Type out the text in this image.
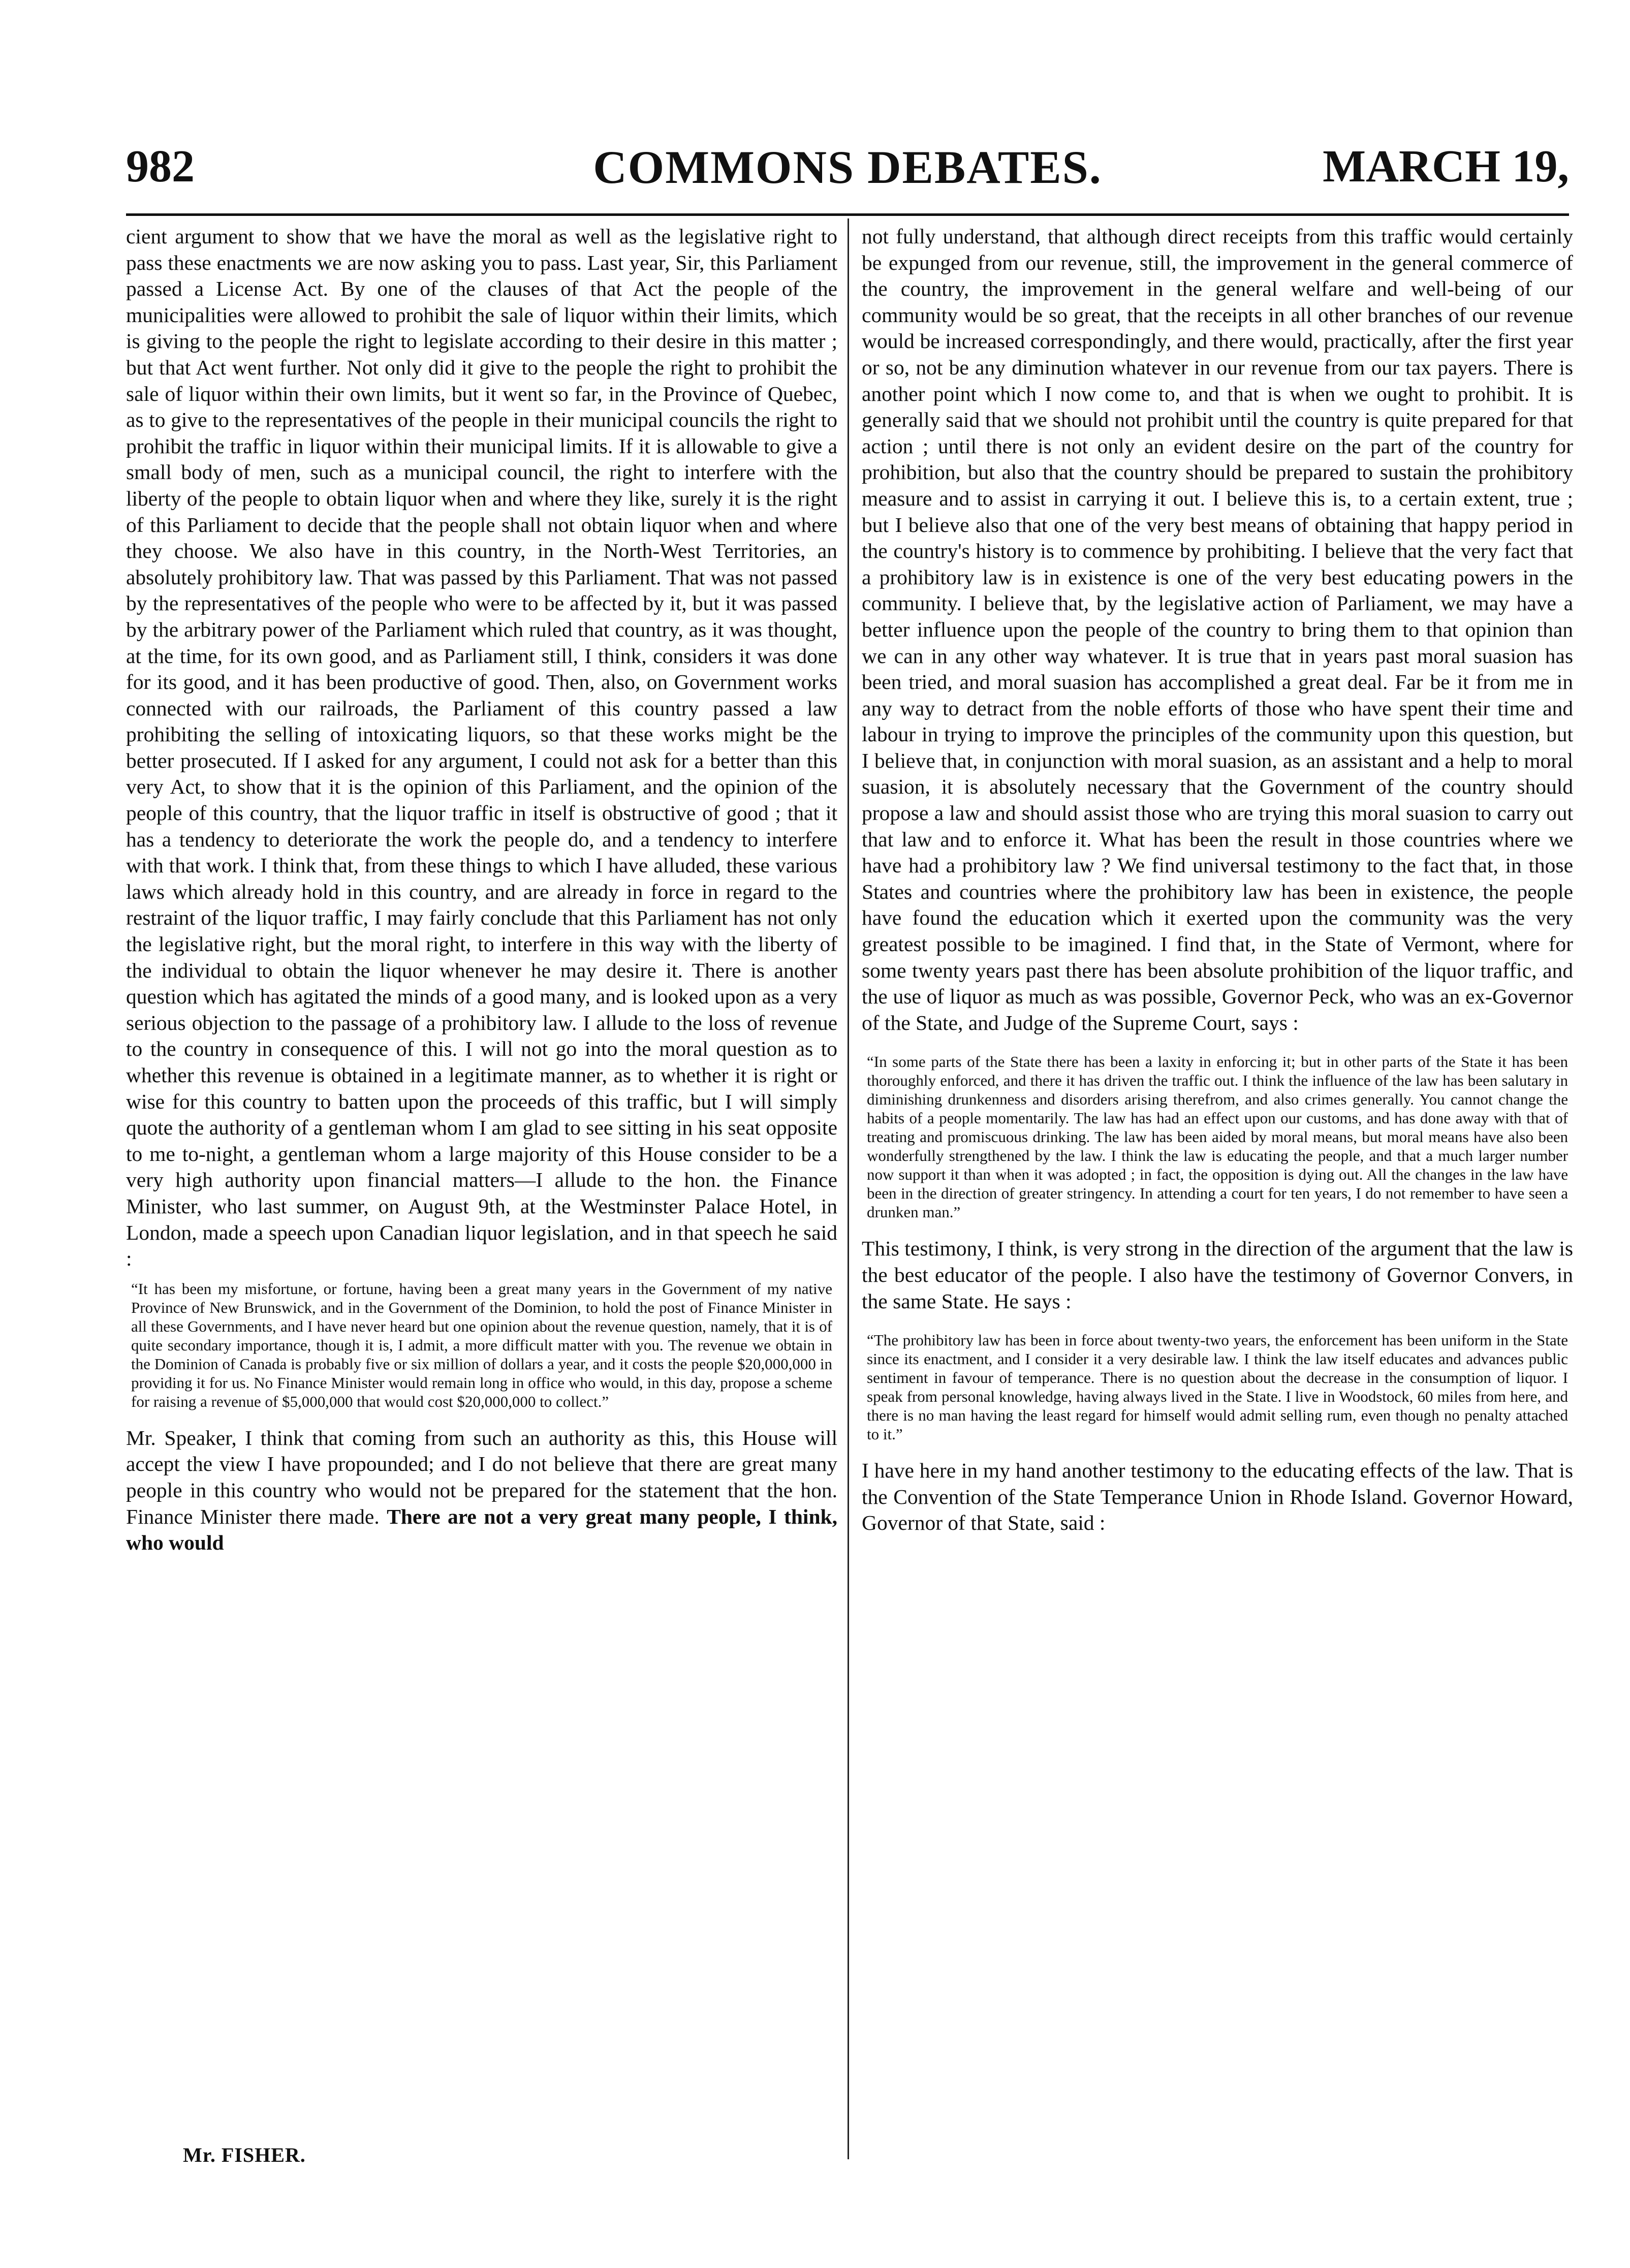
982	COMMONS DEBATES.	MARCH 19,

cient argument to show that we have the moral as well as the legislative right to pass these enactments we are now asking you to pass. Last year, Sir, this Parliament passed a License Act. By one of the clauses of that Act the people of the municipalities were allowed to prohibit the sale of liquor within their limits, which is giving to the people the right to legislate according to their desire in this matter ; but that Act went further. Not only did it give to the people the right to prohibit the sale of liquor within their own limits, but it went so far, in the Province of Quebec, as to give to the representatives of the people in their municipal councils the right to prohibit the traffic in liquor within their municipal limits. If it is allowable to give a small body of men, such as a municipal council, the right to interfere with the liberty of the people to obtain liquor when and where they like, surely it is the right of this Parliament to decide that the people shall not obtain liquor when and where they choose. We also have in this country, in the North-West Territories, an absolutely prohibitory law. That was passed by this Parliament. That was not passed by the representatives of the people who were to be affected by it, but it was passed by the arbitrary power of the Parliament which ruled that country, as it was thought, at the time, for its own good, and as Parliament still, I think, considers it was done for its good, and it has been productive of good. Then, also, on Government works connected with our railroads, the Parliament of this country passed a law prohibiting the selling of intoxicating liquors, so that these works might be the better prosecuted. If I asked for any argument, I could not ask for a better than this very Act, to show that it is the opinion of this Parliament, and the opinion of the people of this country, that the liquor traffic in itself is obstructive of good ; that it has a tendency to deteriorate the work the people do, and a tendency to interfere with that work. I think that, from these things to which I have alluded, these various laws which already hold in this country, and are already in force in regard to the restraint of the liquor traffic, I may fairly conclude that this Parliament has not only the legislative right, but the moral right, to interfere in this way with the liberty of the individual to obtain the liquor whenever he may desire it. There is another question which has agitated the minds of a good many, and is looked upon as a very serious objection to the passage of a prohibitory law. I allude to the loss of revenue to the country in consequence of this. I will not go into the moral question as to whether this revenue is obtained in a legitimate manner, as to whether it is right or wise for this country to batten upon the proceeds of this traffic, but I will simply quote the authority of a gentleman whom I am glad to see sitting in his seat opposite to me to-night, a gentleman whom a large majority of this House consider to be a very high authority upon financial matters—I allude to the hon. the Finance Minister, who last summer, on August 9th, at the Westminster Palace Hotel, in London, made a speech upon Canadian liquor legislation, and in that speech he said :

“It has been my misfortune, or fortune, having been a great many years in the Government of my native Province of New Brunswick, and in the Government of the Dominion, to hold the post of Finance Minister in all these Governments, and I have never heard but one opinion about the revenue question, namely, that it is of quite secondary importance, though it is, I admit, a more difficult matter with you. The revenue we obtain in the Dominion of Canada is probably five or six million of dollars a year, and it costs the people $20,000,000 in providing it for us. No Finance Minister would remain long in office who would, in this day, propose a scheme for raising a revenue of $5,000,000 that would cost $20,000,000 to collect.”

Mr. Speaker, I think that coming from such an authority as this, this House will accept the view I have propounded; and I do not believe that there are great many people in this country who would not be prepared for the statement that the hon. Finance Minister there made. There are not a very great many people, I think, who would

not fully understand, that although direct receipts from this traffic would certainly be expunged from our revenue, still, the improvement in the general commerce of the country, the improvement in the general welfare and well-being of our community would be so great, that the receipts in all other branches of our revenue would be increased correspondingly, and there would, practically, after the first year or so, not be any diminution whatever in our revenue from our tax payers. There is another point which I now come to, and that is when we ought to prohibit. It is generally said that we should not prohibit until the country is quite prepared for that action ; until there is not only an evident desire on the part of the country for prohibition, but also that the country should be prepared to sustain the prohibitory measure and to assist in carrying it out. I believe this is, to a certain extent, true ; but I believe also that one of the very best means of obtaining that happy period in the country's history is to commence by prohibiting. I believe that the very fact that a prohibitory law is in existence is one of the very best educating powers in the community. I believe that, by the legislative action of Parliament, we may have a better influence upon the people of the country to bring them to that opinion than we can in any other way whatever. It is true that in years past moral suasion has been tried, and moral suasion has accomplished a great deal. Far be it from me in any way to detract from the noble efforts of those who have spent their time and labour in trying to improve the principles of the community upon this question, but I believe that, in conjunction with moral suasion, as an assistant and a help to moral suasion, it is absolutely necessary that the Government of the country should propose a law and should assist those who are trying this moral suasion to carry out that law and to enforce it. What has been the result in those countries where we have had a prohibitory law ? We find universal testimony to the fact that, in those States and countries where the prohibitory law has been in existence, the people have found the education which it exerted upon the community was the very greatest possible to be imagined. I find that, in the State of Vermont, where for some twenty years past there has been absolute prohibition of the liquor traffic, and the use of liquor as much as was possible, Governor Peck, who was an ex-Governor of the State, and Judge of the Supreme Court, says :

“In some parts of the State there has been a laxity in enforcing it; but in other parts of the State it has been thoroughly enforced, and there it has driven the traffic out. I think the influence of the law has been salutary in diminishing drunkenness and disorders arising therefrom, and also crimes generally. You cannot change the habits of a people momentarily. The law has had an effect upon our customs, and has done away with that of treating and promiscuous drinking. The law has been aided by moral means, but moral means have also been wonderfully strengthened by the law. I think the law is educating the people, and that a much larger number now support it than when it was adopted ; in fact, the opposition is dying out. All the changes in the law have been in the direction of greater stringency. In attending a court for ten years, I do not remember to have seen a drunken man.”

This testimony, I think, is very strong in the direction of the argument that the law is the best educator of the people. I also have the testimony of Governor Convers, in the same State. He says :

“The prohibitory law has been in force about twenty-two years, the enforcement has been uniform in the State since its enactment, and I consider it a very desirable law. I think the law itself educates and advances public sentiment in favour of temperance. There is no question about the decrease in the consumption of liquor. I speak from personal knowledge, having always lived in the State. I live in Woodstock, 60 miles from here, and there is no man having the least regard for himself would admit selling rum, even though no penalty attached to it.”

I have here in my hand another testimony to the educating effects of the law. That is the Convention of the State Temperance Union in Rhode Island. Governor Howard, Governor of that State, said :

Mr. FISHER.
